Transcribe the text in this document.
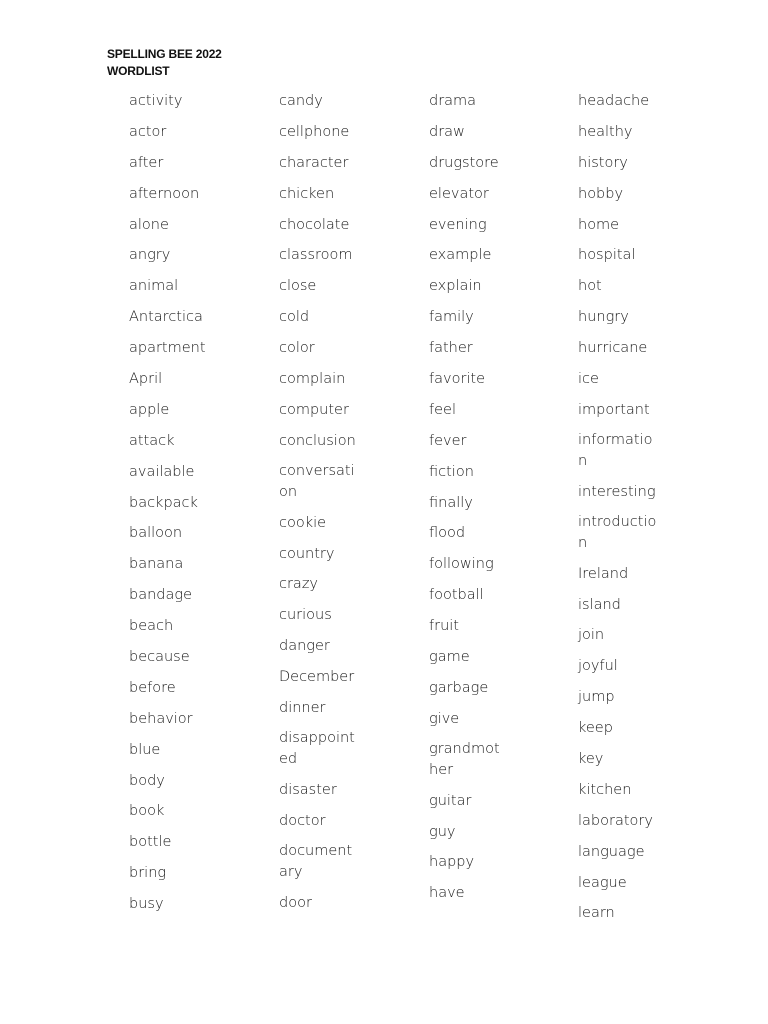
SPELLING BEE 2022
WORDLIST
activity
actor
after
afternoon
alone
angry
animal
Antarctica
apartment
April
apple
attack
available
backpack
balloon
banana
bandage
beach
because
before
behavior
blue
body
book
bottle
bring
busy
candy
cellphone
character
chicken
chocolate
classroom
close
cold
color
complain
computer
conclusion
conversati
on
cookie
country
crazy
curious
danger
December
dinner
disappoint
ed
disaster
doctor
document
ary
door
drama
draw
drugstore
elevator
evening
example
explain
family
father
favorite
feel
fever
fiction
finally
flood
following
football
fruit
game
garbage
give
grandmot
her
guitar
guy
happy
have
headache
healthy
history
hobby
home
hospital
hot
hungry
hurricane
ice
important
informatio
n
interesting
introductio
n
Ireland
island
join
joyful
jump
keep
key
kitchen
laboratory
language
league
learn
